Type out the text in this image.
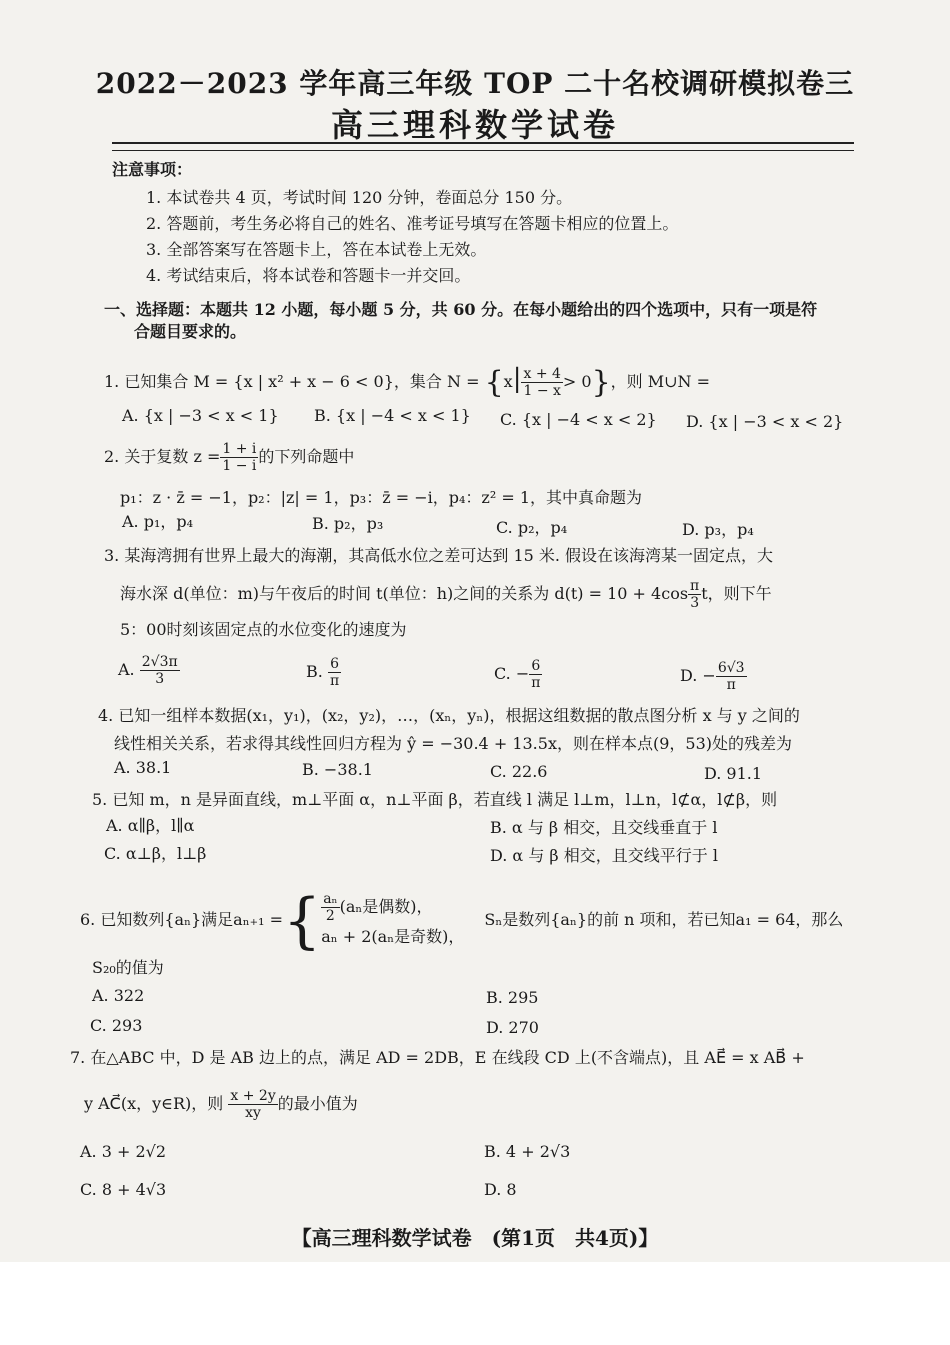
2022－2023 学年高三年级 TOP 二十名校调研模拟卷三
高三理科数学试卷
注意事项：
1. 本试卷共 4 页，考试时间 120 分钟，卷面总分 150 分。
2. 答题前，考生务必将自己的姓名、准考证号填写在答题卡相应的位置上。
3. 全部答案写在答题卡上，答在本试卷上无效。
4. 考试结束后，将本试卷和答题卡一并交回。
一、选择题：本题共 12 小题，每小题 5 分，共 60 分。在每小题给出的四个选项中，只有一项是符
合题目要求的。
1. 已知集合 M = {x | x² + x − 6 < 0}，集合 $N = \{x| \frac{x + 4}{1 - x} > 0\}$，则 M∪N =
A. {x | −3 < x < 1} B. {x | −4 < x < 1} C. {x | −4 < x < 2} D. {x | −3 < x < 2}
2. 关于复数 $z = \frac{1 + i}{1 - i}$ 的下列命题中
p₁：z · z̄ = −1，p₂：|z| = 1，p₃：z̄ = −i，p₄：z² = 1，其中真命题为
A. p₁，p₄	B. p₂，p₃	C. p₂，p₄	D. p₃，p₄
3. 某海湾拥有世界上最大的海潮，其高低水位之差可达到 15 米. 假设在该海湾某一固定点，大
海水深 d(单位：m)与午夜后的时间 t(单位：h)之间的关系为 $d(t) = 10 + 4\cos \frac{\pi}{3}$ t，则下午
5：00时刻该固定点的水位变化的速度为
A. $\frac{2√3\pi}{3}$	B. $\frac{6}{\pi}$	C. − $\frac{6}{\pi}$	D. − $\frac{6√3}{\pi}$
4. 已知一组样本数据(x₁，y₁)，(x₂，y₂)，…，(xₙ，yₙ)，根据这组数据的散点图分析 x 与 y 之间的
线性相关关系，若求得其线性回归方程为 ŷ = −30.4 + 13.5x，则在样本点(9，53)处的残差为
A. 38.1	B. −38.1	C. 22.6	D. 91.1
5. 已知 m，n 是异面直线，m⊥平面 α，n⊥平面 β，若直线 l 满足 l⊥m，l⊥n，l⊄α，l⊄β，则
A. α∥β，l∥α	B. α 与 β 相交，且交线垂直于 l
C. α⊥β，l⊥β	D. α 与 β 相交，且交线平行于 l
6. 已知数列{aₙ}满足aₙ₊₁ ={ $\frac{\text{aₙ}}{2} (a_n$是偶数)，
aₙ + 2(aₙ是奇数)，
Sₙ是数列{aₙ}的前 n 项和，若已知a₁ = 64，那么
S₂₀的值为
A. 322	B. 295
C. 293	D. 270
7. 在△ABC 中，D 是 AB 边上的点，满足 AD = 2DB，E 在线段 CD 上(不含端点)，且 AE⃗ = x AB⃗ +
y AC⃗(x，y∈R)，则 $\frac{x + 2y}{xy}$ 的最小值为
A. 3 + 2√2	B. 4 + 2√3
C. 8 + 4√3	D. 8
【高三理科数学试卷　(第1页　共4页)】
